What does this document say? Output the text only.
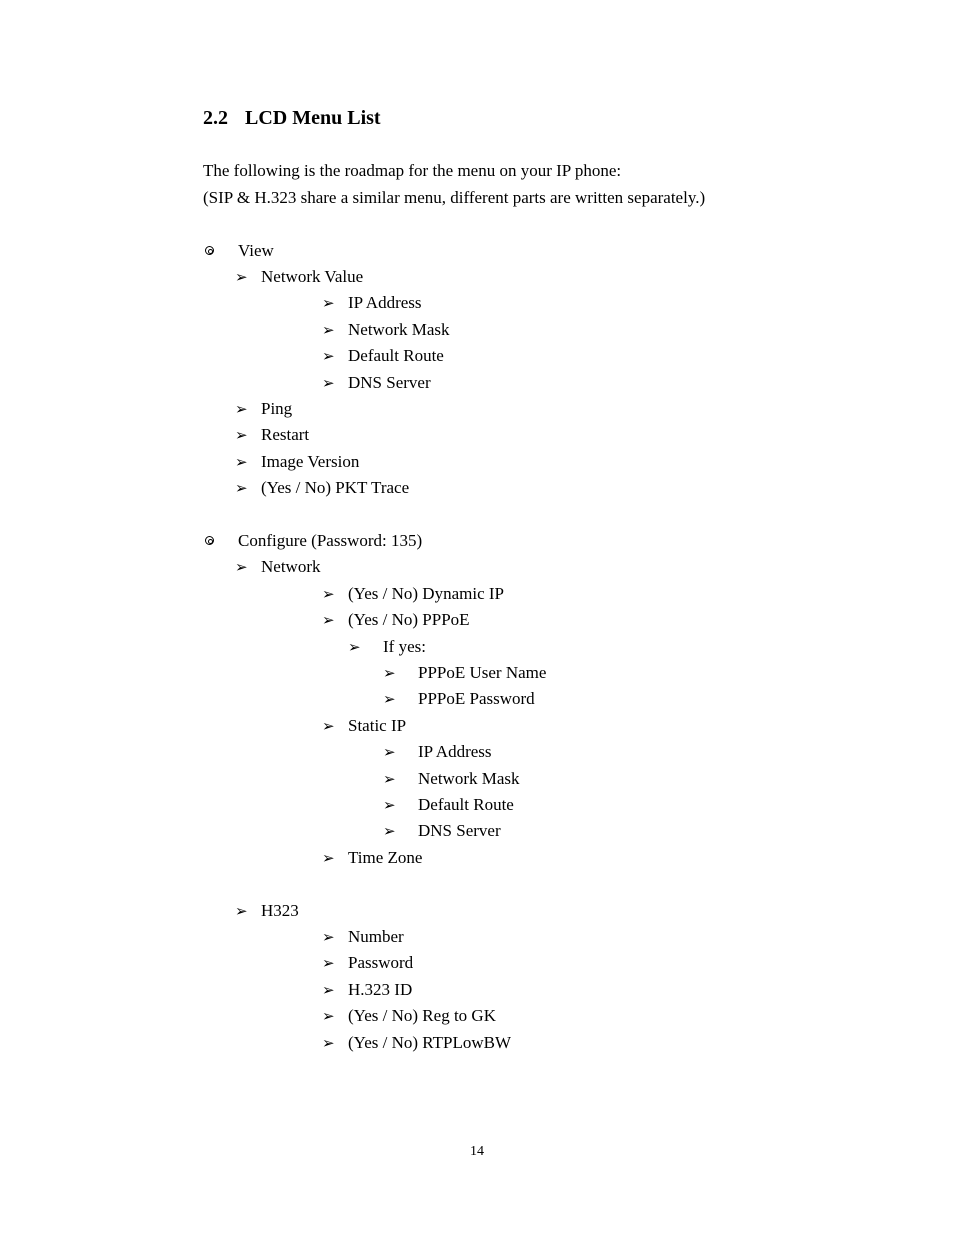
2.2 LCD Menu List
The following is the roadmap for the menu on your IP phone:
(SIP & H.323 share a similar menu, different parts are written separately.)
View
➢ Network Value
➢ IP Address
➢ Network Mask
➢ Default Route
➢ DNS Server
➢ Ping
➢ Restart
➢ Image Version
➢ (Yes / No) PKT Trace
Configure (Password: 135)
➢ Network
➢ (Yes / No) Dynamic IP
➢ (Yes / No) PPPoE
➢ If yes:
➢ PPPoE User Name
➢ PPPoE Password
➢ Static IP
➢ IP Address
➢ Network Mask
➢ Default Route
➢ DNS Server
➢ Time Zone
➢ H323
➢ Number
➢ Password
➢ H.323 ID
➢ (Yes / No) Reg to GK
➢ (Yes / No) RTPLowBW
14
